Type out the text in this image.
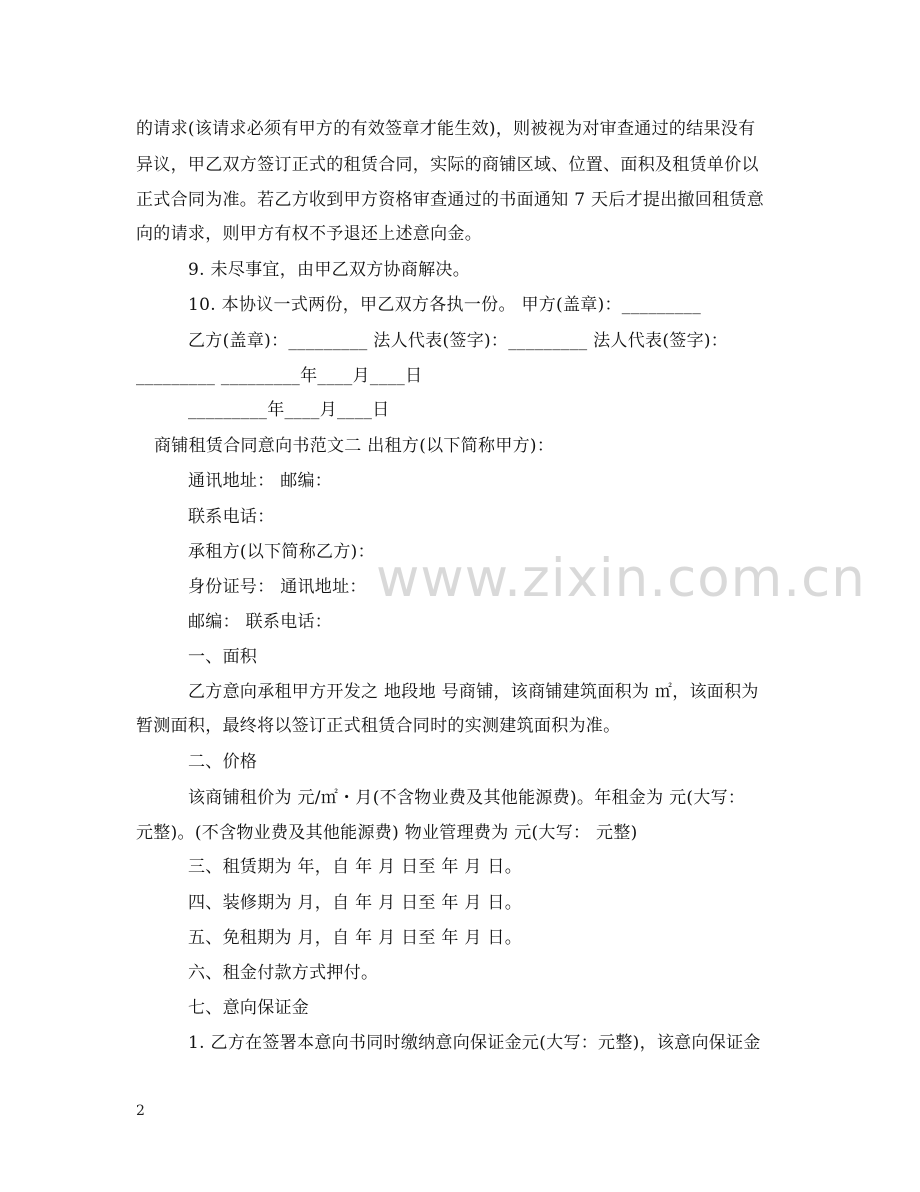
www.zixin.com.cn
的请求(该请求必须有甲方的有效签章才能生效)，则被视为对审查通过的结果没有
异议，甲乙双方签订正式的租赁合同，实际的商铺区域、位置、面积及租赁单价以
正式合同为准。若乙方收到甲方资格审查通过的书面通知 7 天后才提出撤回租赁意
向的请求，则甲方有权不予退还上述意向金。
9. 未尽事宜，由甲乙双方协商解决。
10. 本协议一式两份，甲乙双方各执一份。 甲方(盖章)：_________
乙方(盖章)：_________ 法人代表(签字)：_________ 法人代表(签字)：
_________ _________年____月____日
_________年____月____日
商铺租赁合同意向书范文二 出租方(以下简称甲方)：
通讯地址： 邮编：
联系电话：
承租方(以下简称乙方)：
身份证号： 通讯地址：
邮编： 联系电话：
一、面积
乙方意向承租甲方开发之 地段地 号商铺，该商铺建筑面积为 ㎡，该面积为
暂测面积，最终将以签订正式租赁合同时的实测建筑面积为准。
二、价格
该商铺租价为 元/㎡・月(不含物业费及其他能源费)。年租金为 元(大写：
元整)。(不含物业费及其他能源费) 物业管理费为 元(大写： 元整)
三、租赁期为 年，自 年 月 日至 年 月 日。
四、装修期为 月，自 年 月 日至 年 月 日。
五、免租期为 月，自 年 月 日至 年 月 日。
六、租金付款方式押付。
七、意向保证金
1. 乙方在签署本意向书同时缴纳意向保证金元(大写：元整)，该意向保证金
2
